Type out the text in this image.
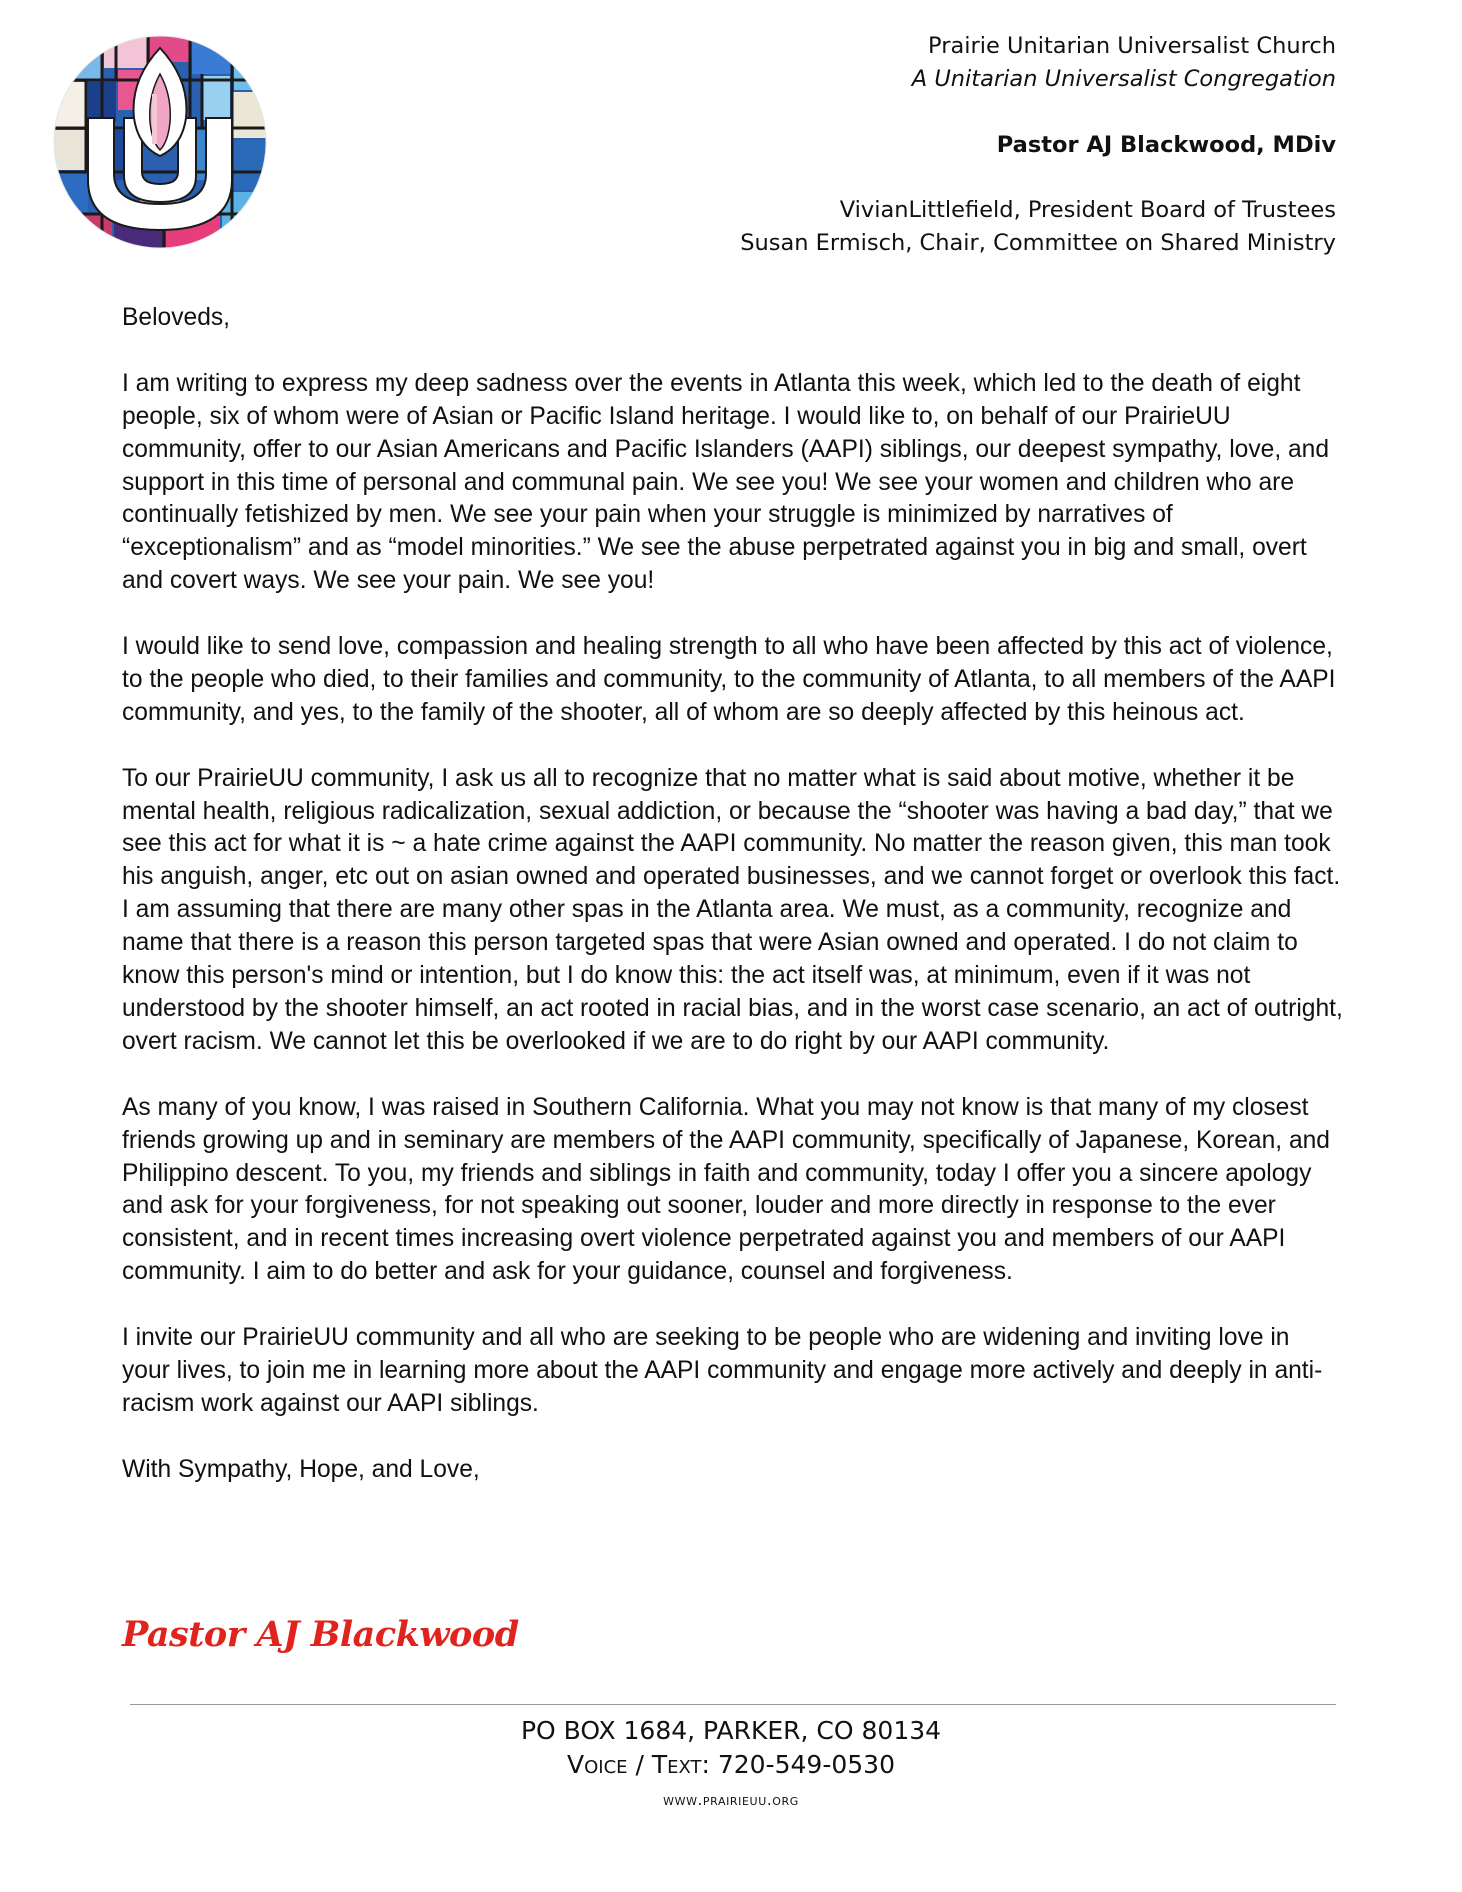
Prairie Unitarian Universalist Church
A Unitarian Universalist Congregation
Pastor AJ Blackwood, MDiv
VivianLittlefield, President Board of Trustees
Susan Ermisch, Chair, Committee on Shared Ministry

Beloveds,

I am writing to express my deep sadness over the events in Atlanta this week, which led to the death of eight people, six of whom were of Asian or Pacific Island heritage. I would like to, on behalf of our PrairieUU community, offer to our Asian Americans and Pacific Islanders (AAPI) siblings, our deepest sympathy, love, and support in this time of personal and communal pain. We see you! We see your women and children who are continually fetishized by men. We see your pain when your struggle is minimized by narratives of “exceptionalism” and as “model minorities.” We see the abuse perpetrated against you in big and small, overt and covert ways. We see your pain. We see you!

I would like to send love, compassion and healing strength to all who have been affected by this act of violence, to the people who died, to their families and community, to the community of Atlanta, to all members of the AAPI community, and yes, to the family of the shooter, all of whom are so deeply affected by this heinous act.

To our PrairieUU community, I ask us all to recognize that no matter what is said about motive, whether it be mental health, religious radicalization, sexual addiction, or because the “shooter was having a bad day,” that we see this act for what it is ~ a hate crime against the AAPI community. No matter the reason given, this man took his anguish, anger, etc out on asian owned and operated businesses, and we cannot forget or overlook this fact. I am assuming that there are many other spas in the Atlanta area. We must, as a community, recognize and name that there is a reason this person targeted spas that were Asian owned and operated. I do not claim to know this person's mind or intention, but I do know this: the act itself was, at minimum, even if it was not understood by the shooter himself, an act rooted in racial bias, and in the worst case scenario, an act of outright, overt racism. We cannot let this be overlooked if we are to do right by our AAPI community.

As many of you know, I was raised in Southern California. What you may not know is that many of my closest friends growing up and in seminary are members of the AAPI community, specifically of Japanese, Korean, and Philippino descent. To you, my friends and siblings in faith and community, today I offer you a sincere apology and ask for your forgiveness, for not speaking out sooner, louder and more directly in response to the ever consistent, and in recent times increasing overt violence perpetrated against you and members of our AAPI community. I aim to do better and ask for your guidance, counsel and forgiveness.

I invite our PrairieUU community and all who are seeking to be people who are widening and inviting love in your lives, to join me in learning more about the AAPI community and engage more actively and deeply in anti-racism work against our AAPI siblings.

With Sympathy, Hope, and Love,

Pastor AJ Blackwood
PO BOX 1684, PARKER, CO 80134
Voice / Text: 720-549-0530
www.prairieuu.org
